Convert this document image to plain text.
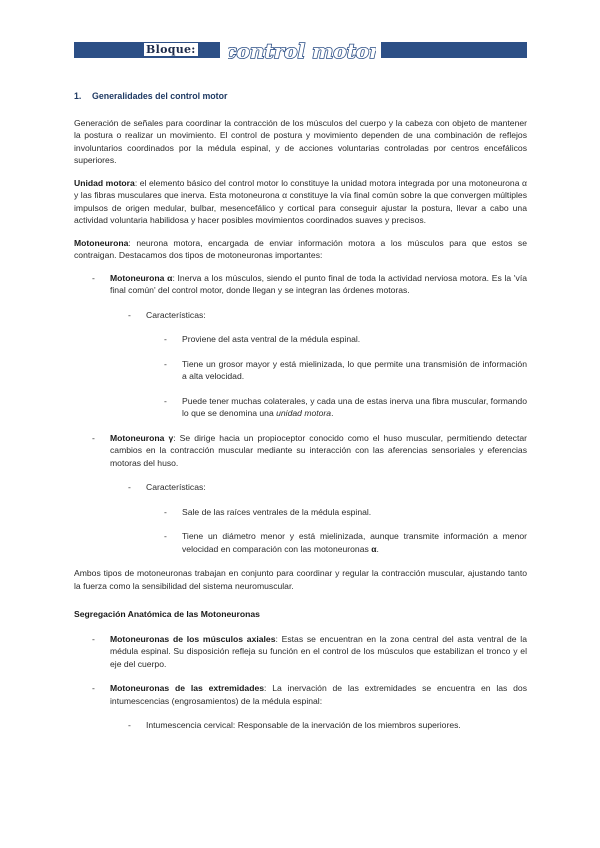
Bloque: control motor
1. Generalidades del control motor

Generación de señales para coordinar la contracción de los músculos del cuerpo y la cabeza con objeto de mantener la postura o realizar un movimiento. El control de postura y movimiento dependen de una combinación de reflejos involuntarios coordinados por la médula espinal, y de acciones voluntarias controladas por centros encefálicos superiores.

Unidad motora: el elemento básico del control motor lo constituye la unidad motora integrada por una motoneurona α y las fibras musculares que inerva. Esta motoneurona α constituye la vía final común sobre la que convergen múltiples impulsos de origen medular, bulbar, mesencefálico y cortical para conseguir ajustar la postura, llevar a cabo una actividad voluntaria habilidosa y hacer posibles movimientos coordinados suaves y precisos.

Motoneurona: neurona motora, encargada de enviar información motora a los músculos para que estos se contraigan. Destacamos dos tipos de motoneuronas importantes:

- Motoneurona α: Inerva a los músculos, siendo el punto final de toda la actividad nerviosa motora. Es la 'vía final común' del control motor, donde llegan y se integran las órdenes motoras.
- Características:
- Proviene del asta ventral de la médula espinal.
- Tiene un grosor mayor y está mielinizada, lo que permite una transmisión de información a alta velocidad.
- Puede tener muchas colaterales, y cada una de estas inerva una fibra muscular, formando lo que se denomina una unidad motora.
- Motoneurona γ: Se dirige hacia un propioceptor conocido como el huso muscular, permitiendo detectar cambios en la contracción muscular mediante su interacción con las aferencias sensoriales y eferencias motoras del huso.
- Características:
- Sale de las raíces ventrales de la médula espinal.
- Tiene un diámetro menor y está mielinizada, aunque transmite información a menor velocidad en comparación con las motoneuronas α.

Ambos tipos de motoneuronas trabajan en conjunto para coordinar y regular la contracción muscular, ajustando tanto la fuerza como la sensibilidad del sistema neuromuscular.

Segregación Anatómica de las Motoneuronas
- Motoneuronas de los músculos axiales: Estas se encuentran en la zona central del asta ventral de la médula espinal. Su disposición refleja su función en el control de los músculos que estabilizan el tronco y el eje del cuerpo.
- Motoneuronas de las extremidades: La inervación de las extremidades se encuentra en las dos intumescencias (engrosamientos) de la médula espinal:
- Intumescencia cervical: Responsable de la inervación de los miembros superiores.
